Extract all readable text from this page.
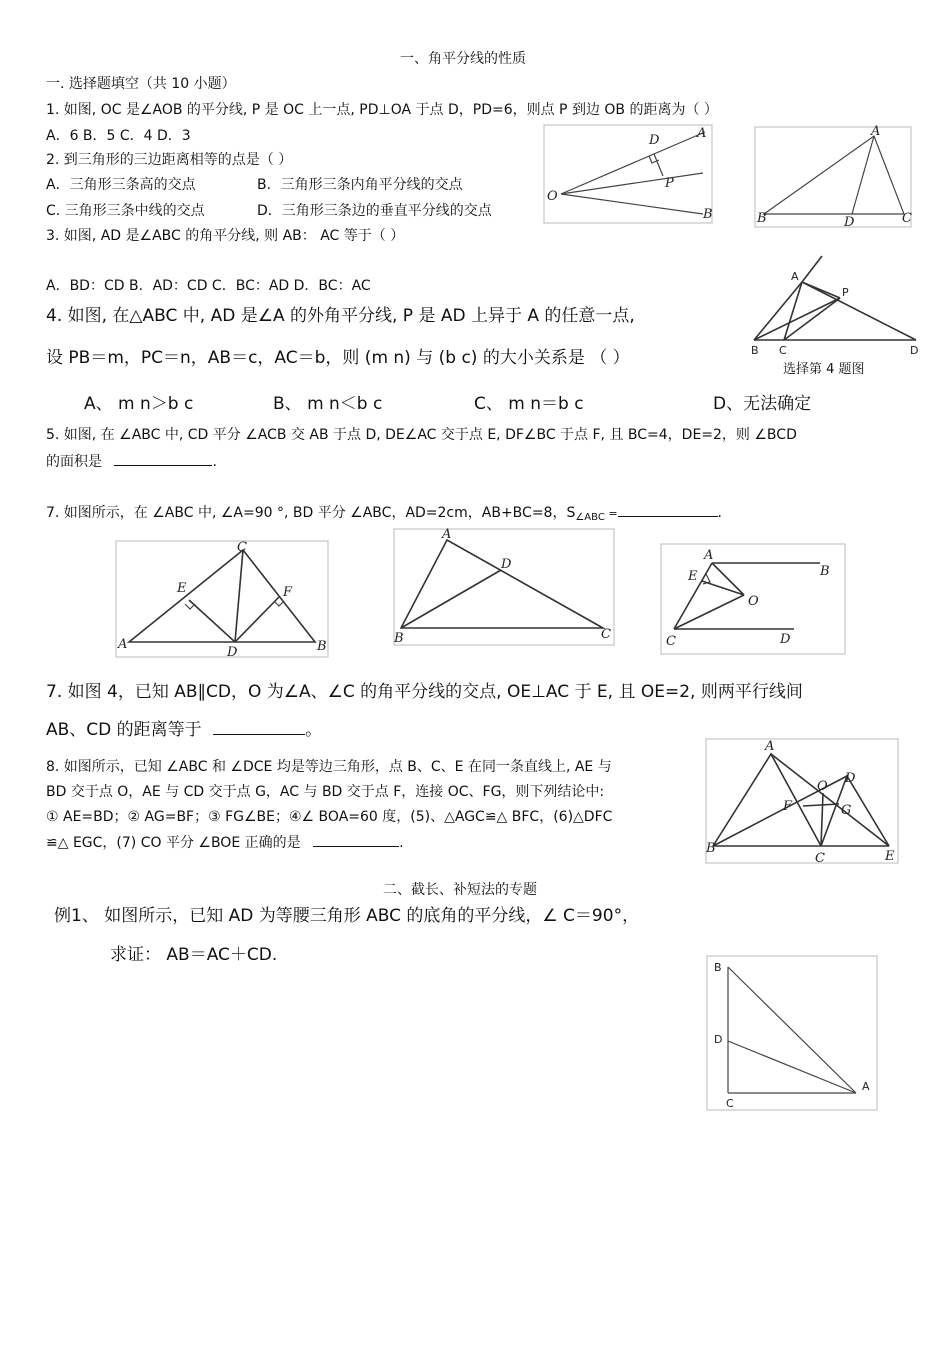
一、角平分线的性质
一. 选择题填空（共 10 小题）
1. 如图, OC 是∠AOB 的平分线, P 是 OC 上一点, PD⊥OA 于点 D，PD=6，则点 P 到边 OB 的距离为（ ）
A．6 B．5 C．4 D．3
2. 到三角形的三边距离相等的点是（ ）
A．三角形三条高的交点	B．三角形三条内角平分线的交点
C. 三角形三条中线的交点	D．三角形三条边的垂直平分线的交点
3. 如图, AD 是∠ABC 的角平分线, 则 AB： AC 等于（ ）
A．BD：CD B．AD：CD C．BC：AD D．BC：AC
4. 如图, 在△ABC 中, AD 是∠A 的外角平分线, P 是 AD 上异于 A 的任意一点,
设 PB＝m，PC＝n，AB＝c，AC＝b，则 (m n) 与 (b c) 的大小关系是 （ ）
A、 m n＞b c	B、 m n＜b c	C、 m n＝b c	D、无法确定
选择第 4 题图
5. 如图, 在 ∠ABC 中, CD 平分 ∠ACB 交 AB 于点 D, DE∠AC 交于点 E, DF∠BC 于点 F, 且 BC=4，DE=2，则 ∠BCD
的面积是	.
7. 如图所示，在 ∠ABC 中, ∠A=90 °, BD 平分 ∠ABC，AD=2cm，AB+BC=8，$S_{\angle ABC}$ =	.
7. 如图 4，已知 AB∥CD，O 为∠A、∠C 的角平分线的交点, OE⊥AC 于 E, 且 OE=2, 则两平行线间
AB、CD 的距离等于	。
8. 如图所示，已知 ∠ABC 和 ∠DCE 均是等边三角形，点 B、C、E 在同一条直线上, AE 与
BD 交于点 O，AE 与 CD 交于点 G，AC 与 BD 交于点 F，连接 OC、FG，则下列结论中:
① AE=BD；② AG=BF；③ FG∠BE；④∠ BOA=60 度，(5)、△AGC≌△ BFC，(6)△DFC
≌△ EGC，(7) CO 平分 ∠BOE 正确的是	.
二、截长、补短法的专题
例1、 如图所示，已知 AD 为等腰三角形 ABC 的底角的平分线，∠ C＝90°，
求证： AB＝AC＋CD.
O
D	A
P
B	B	D	C
A
A
P
B C	D
A	B
C
D
E	F
A
B	C
D
A
B
C	D
E
O
A
B
C
D
E
F	G
O
B
D
C
A
